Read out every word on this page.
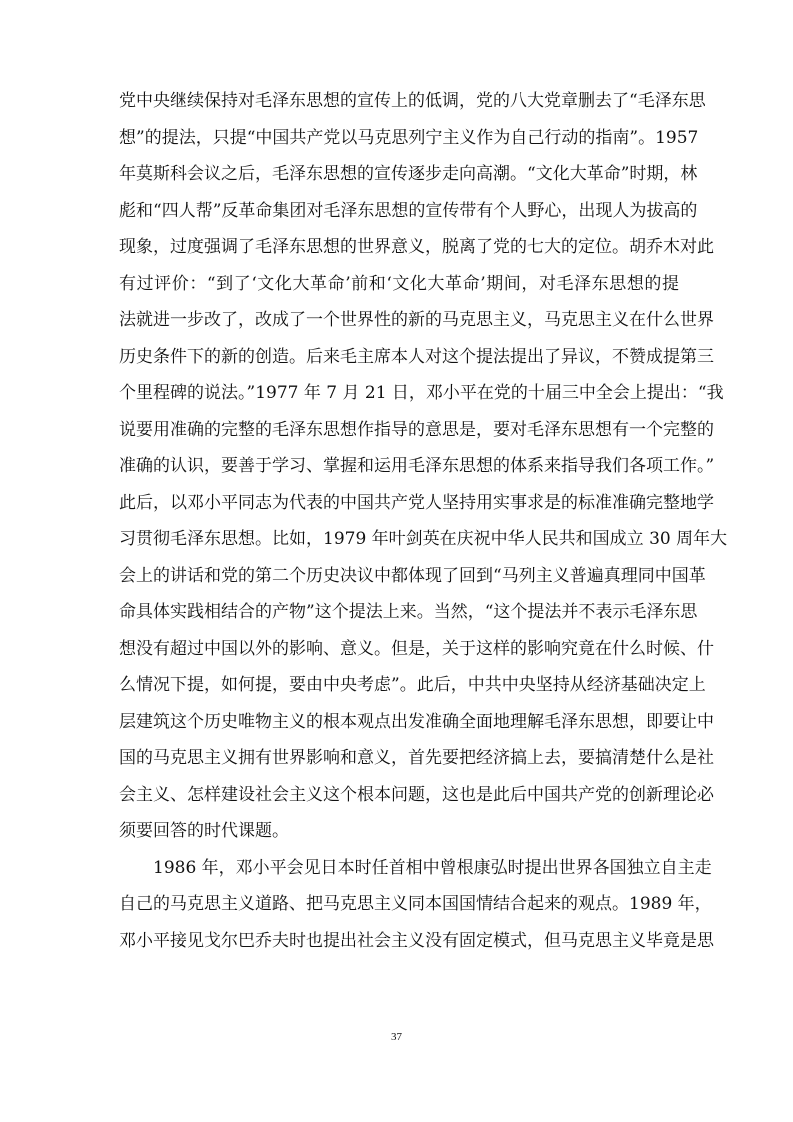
党中央继续保持对毛泽东思想的宣传上的低调，党的八大党章删去了“毛泽东思
想”的提法，只提“中国共产党以马克思列宁主义作为自己行动的指南”。1957
年莫斯科会议之后，毛泽东思想的宣传逐步走向高潮。“文化大革命”时期，林
彪和“四人帮”反革命集团对毛泽东思想的宣传带有个人野心，出现人为拔高的
现象，过度强调了毛泽东思想的世界意义，脱离了党的七大的定位。胡乔木对此
有过评价：“到了‘文化大革命’前和‘文化大革命’期间，对毛泽东思想的提
法就进一步改了，改成了一个世界性的新的马克思主义，马克思主义在什么世界
历史条件下的新的创造。后来毛主席本人对这个提法提出了异议，不赞成提第三
个里程碑的说法。”1977 年 7 月 21 日，邓小平在党的十届三中全会上提出：“我
说要用准确的完整的毛泽东思想作指导的意思是，要对毛泽东思想有一个完整的
准确的认识，要善于学习、掌握和运用毛泽东思想的体系来指导我们各项工作。”
此后，以邓小平同志为代表的中国共产党人坚持用实事求是的标准准确完整地学
习贯彻毛泽东思想。比如，1979 年叶剑英在庆祝中华人民共和国成立 30 周年大
会上的讲话和党的第二个历史决议中都体现了回到“马列主义普遍真理同中国革
命具体实践相结合的产物”这个提法上来。当然，“这个提法并不表示毛泽东思
想没有超过中国以外的影响、意义。但是，关于这样的影响究竟在什么时候、什
么情况下提，如何提，要由中央考虑”。此后，中共中央坚持从经济基础决定上
层建筑这个历史唯物主义的根本观点出发准确全面地理解毛泽东思想，即要让中
国的马克思主义拥有世界影响和意义，首先要把经济搞上去，要搞清楚什么是社
会主义、怎样建设社会主义这个根本问题，这也是此后中国共产党的创新理论必
须要回答的时代课题。
1986 年，邓小平会见日本时任首相中曾根康弘时提出世界各国独立自主走
自己的马克思主义道路、把马克思主义同本国国情结合起来的观点。1989 年，
邓小平接见戈尔巴乔夫时也提出社会主义没有固定模式，但马克思主义毕竟是思
37
